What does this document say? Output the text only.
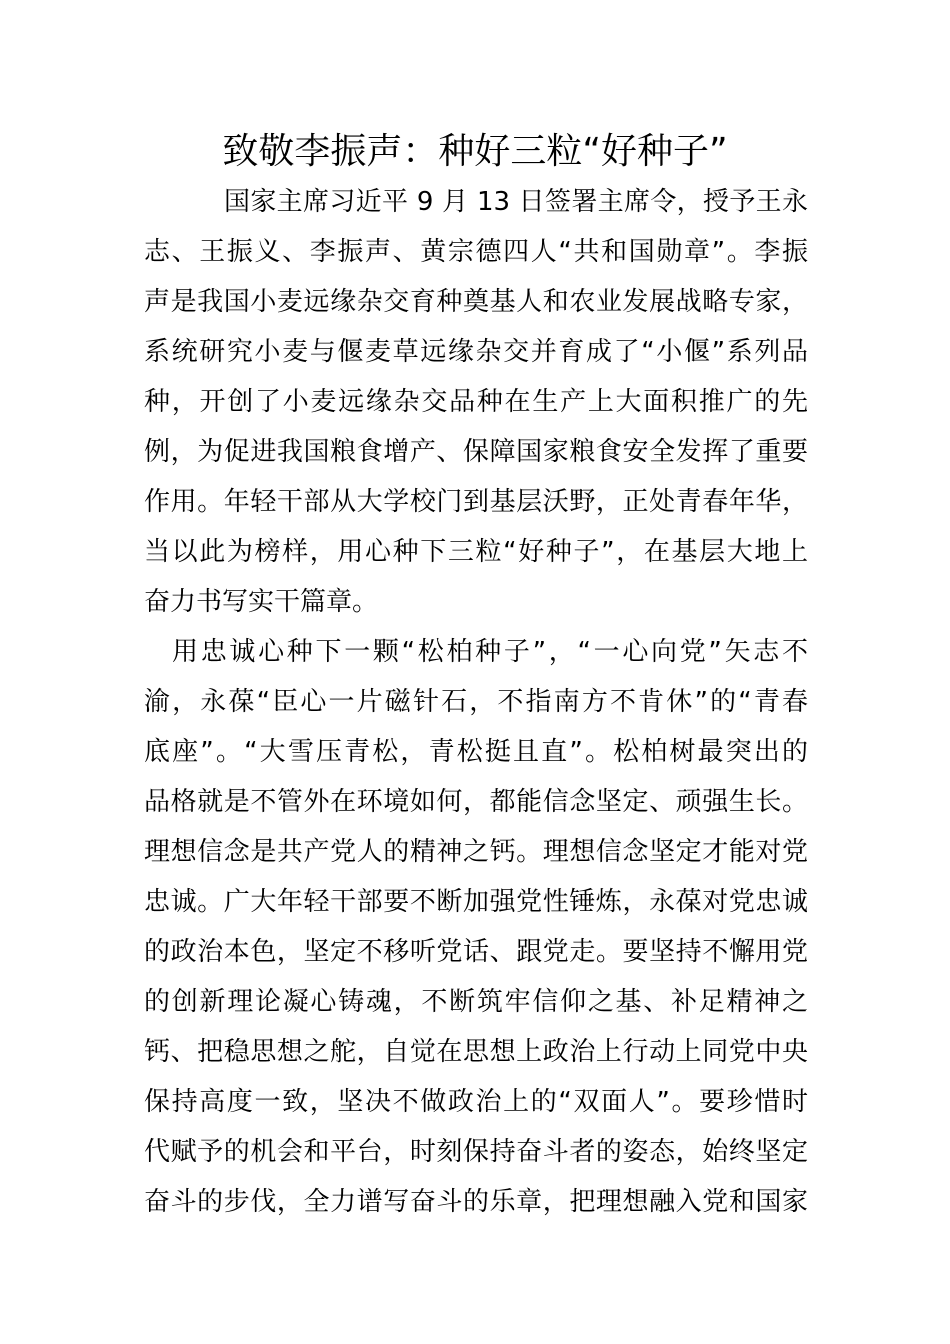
致敬李振声：种好三粒“好种子”
国家主席习近平 9 月 13 日签署主席令，授予王永
志、王振义、李振声、黄宗德四人“共和国勋章”。李振
声是我国小麦远缘杂交育种奠基人和农业发展战略专家，
系统研究小麦与偃麦草远缘杂交并育成了“小偃”系列品
种，开创了小麦远缘杂交品种在生产上大面积推广的先
例，为促进我国粮食增产、保障国家粮食安全发挥了重要
作用。年轻干部从大学校门到基层沃野，正处青春年华，
当以此为榜样，用心种下三粒“好种子”，在基层大地上
奋力书写实干篇章。
用忠诚心种下一颗“松柏种子”，“一心向党”矢志不
渝，永葆“臣心一片磁针石，不指南方不肯休”的“青春
底座”。“大雪压青松，青松挺且直”。松柏树最突出的
品格就是不管外在环境如何，都能信念坚定、顽强生长。
理想信念是共产党人的精神之钙。理想信念坚定才能对党
忠诚。广大年轻干部要不断加强党性锤炼，永葆对党忠诚
的政治本色，坚定不移听党话、跟党走。要坚持不懈用党
的创新理论凝心铸魂，不断筑牢信仰之基、补足精神之
钙、把稳思想之舵，自觉在思想上政治上行动上同党中央
保持高度一致，坚决不做政治上的“双面人”。要珍惜时
代赋予的机会和平台，时刻保持奋斗者的姿态，始终坚定
奋斗的步伐，全力谱写奋斗的乐章，把理想融入党和国家
